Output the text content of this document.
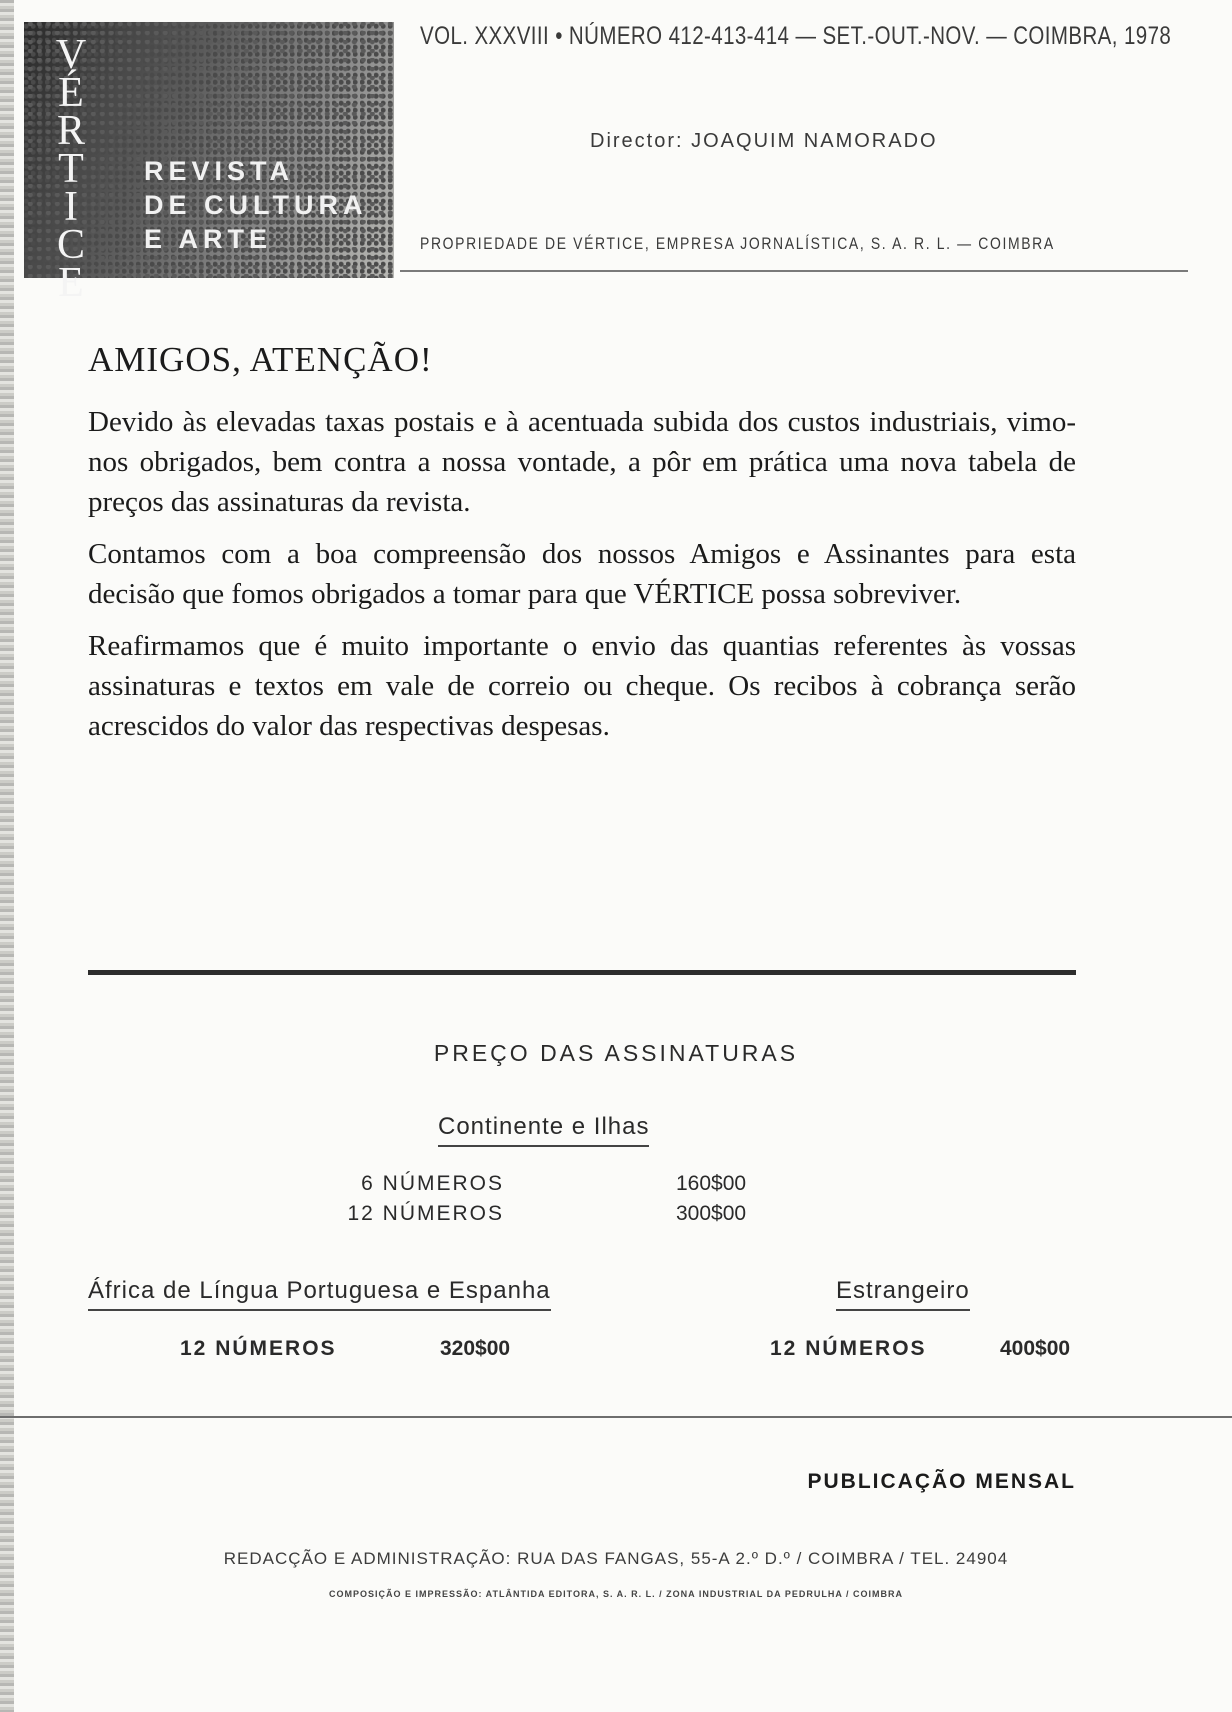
V
É
R
T
I
C
E
REVISTA
DE CULTURA
E ARTE
VOL. XXXVIII • NÚMERO 412-413-414 — SET.-OUT.-NOV. — COIMBRA, 1978
Director: JOAQUIM NAMORADO
PROPRIEDADE DE VÉRTICE, EMPRESA JORNALÍSTICA, S. A. R. L. — COIMBRA
AMIGOS, ATENÇÃO!

Devido às elevadas taxas postais e à acentuada subida dos custos industriais, vimo-nos obrigados, bem contra a nossa vontade, a pôr em prática uma nova tabela de preços das assinaturas da revista.

Contamos com a boa compreensão dos nossos Amigos e Assinantes para esta decisão que fomos obrigados a tomar para que VÉRTICE possa sobreviver.

Reafirmamos que é muito importante o envio das quantias referentes às vossas assinaturas e textos em vale de correio ou cheque. Os recibos à cobrança serão acrescidos do valor das respectivas despesas.

PREÇO DAS ASSINATURAS
Continente e Ilhas
6 NÚMEROS	160$00
12 NÚMEROS	300$00
África de Língua Portuguesa e Espanha
12 NÚMEROS	320$00
Estrangeiro
12 NÚMEROS	400$00
PUBLICAÇÃO MENSAL
REDACÇÃO E ADMINISTRAÇÃO: RUA DAS FANGAS, 55-A 2.º D.º / COIMBRA / TEL. 24904
COMPOSIÇÃO E IMPRESSÃO: ATLÂNTIDA EDITORA, S. A. R. L. / ZONA INDUSTRIAL DA PEDRULHA / COIMBRA
